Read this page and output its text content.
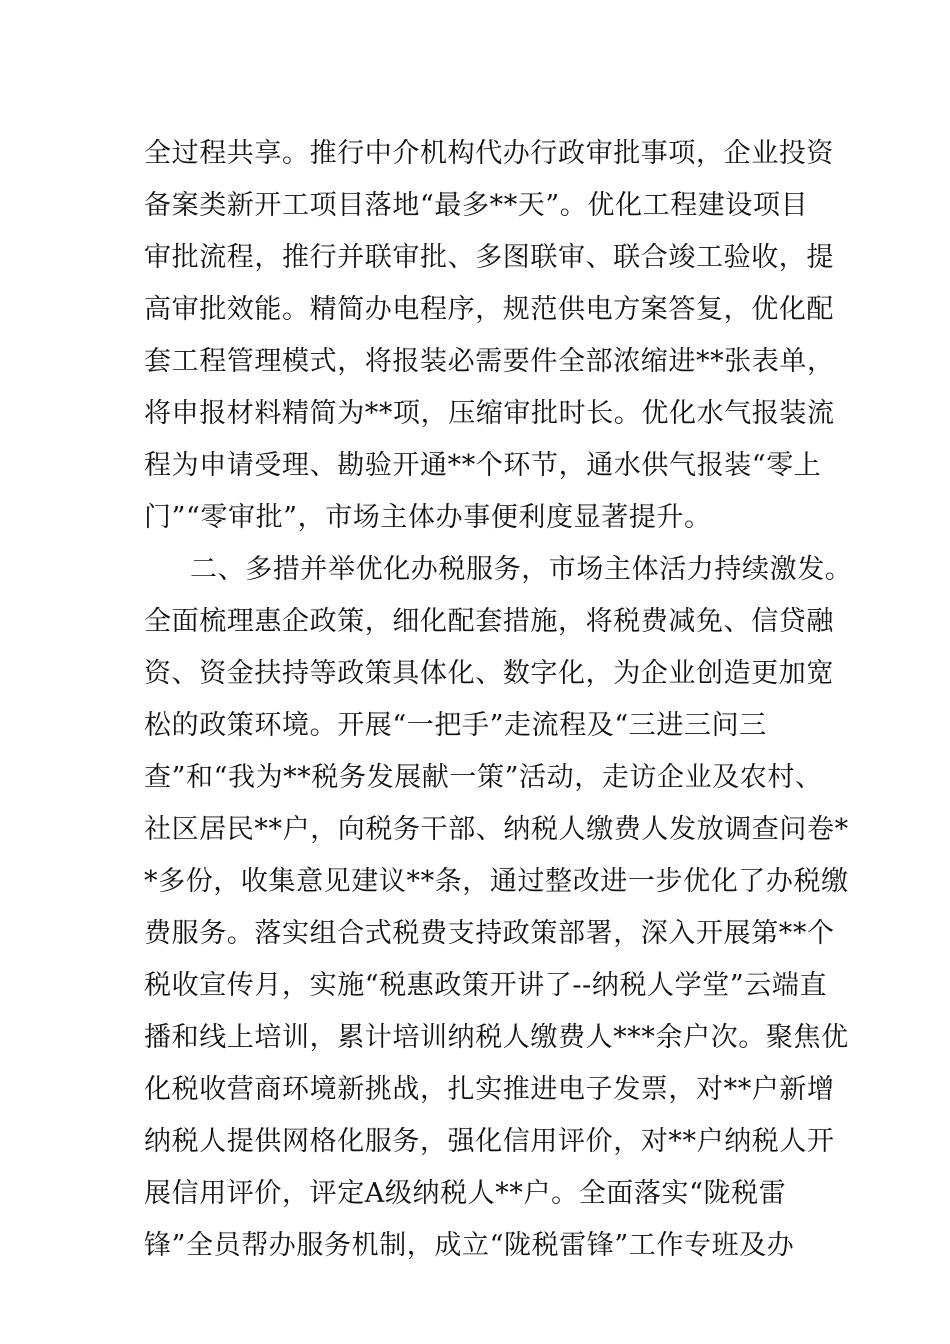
全过程共享。推行中介机构代办行政审批事项，企业投资
备案类新开工项目落地“最多**天”。优化工程建设项目
审批流程，推行并联审批、多图联审、联合竣工验收，提
高审批效能。精简办电程序，规范供电方案答复，优化配
套工程管理模式，将报装必需要件全部浓缩进**张表单，
将申报材料精简为**项，压缩审批时长。优化水气报装流
程为申请受理、勘验开通**个环节，通水供气报装“零上
门”“零审批”，市场主体办事便利度显著提升。
二、多措并举优化办税服务，市场主体活力持续激发。
全面梳理惠企政策，细化配套措施，将税费减免、信贷融
资、资金扶持等政策具体化、数字化，为企业创造更加宽
松的政策环境。开展“一把手”走流程及“三进三问三
查”和“我为**税务发展献一策”活动，走访企业及农村、
社区居民**户，向税务干部、纳税人缴费人发放调查问卷*
*多份，收集意见建议**条，通过整改进一步优化了办税缴
费服务。落实组合式税费支持政策部署，深入开展第**个
税收宣传月，实施“税惠政策开讲了--纳税人学堂”云端直
播和线上培训，累计培训纳税人缴费人***余户次。聚焦优
化税收营商环境新挑战，扎实推进电子发票，对**户新增
纳税人提供网格化服务，强化信用评价，对**户纳税人开
展信用评价，评定A级纳税人**户。全面落实“陇税雷
锋”全员帮办服务机制，成立“陇税雷锋”工作专班及办
